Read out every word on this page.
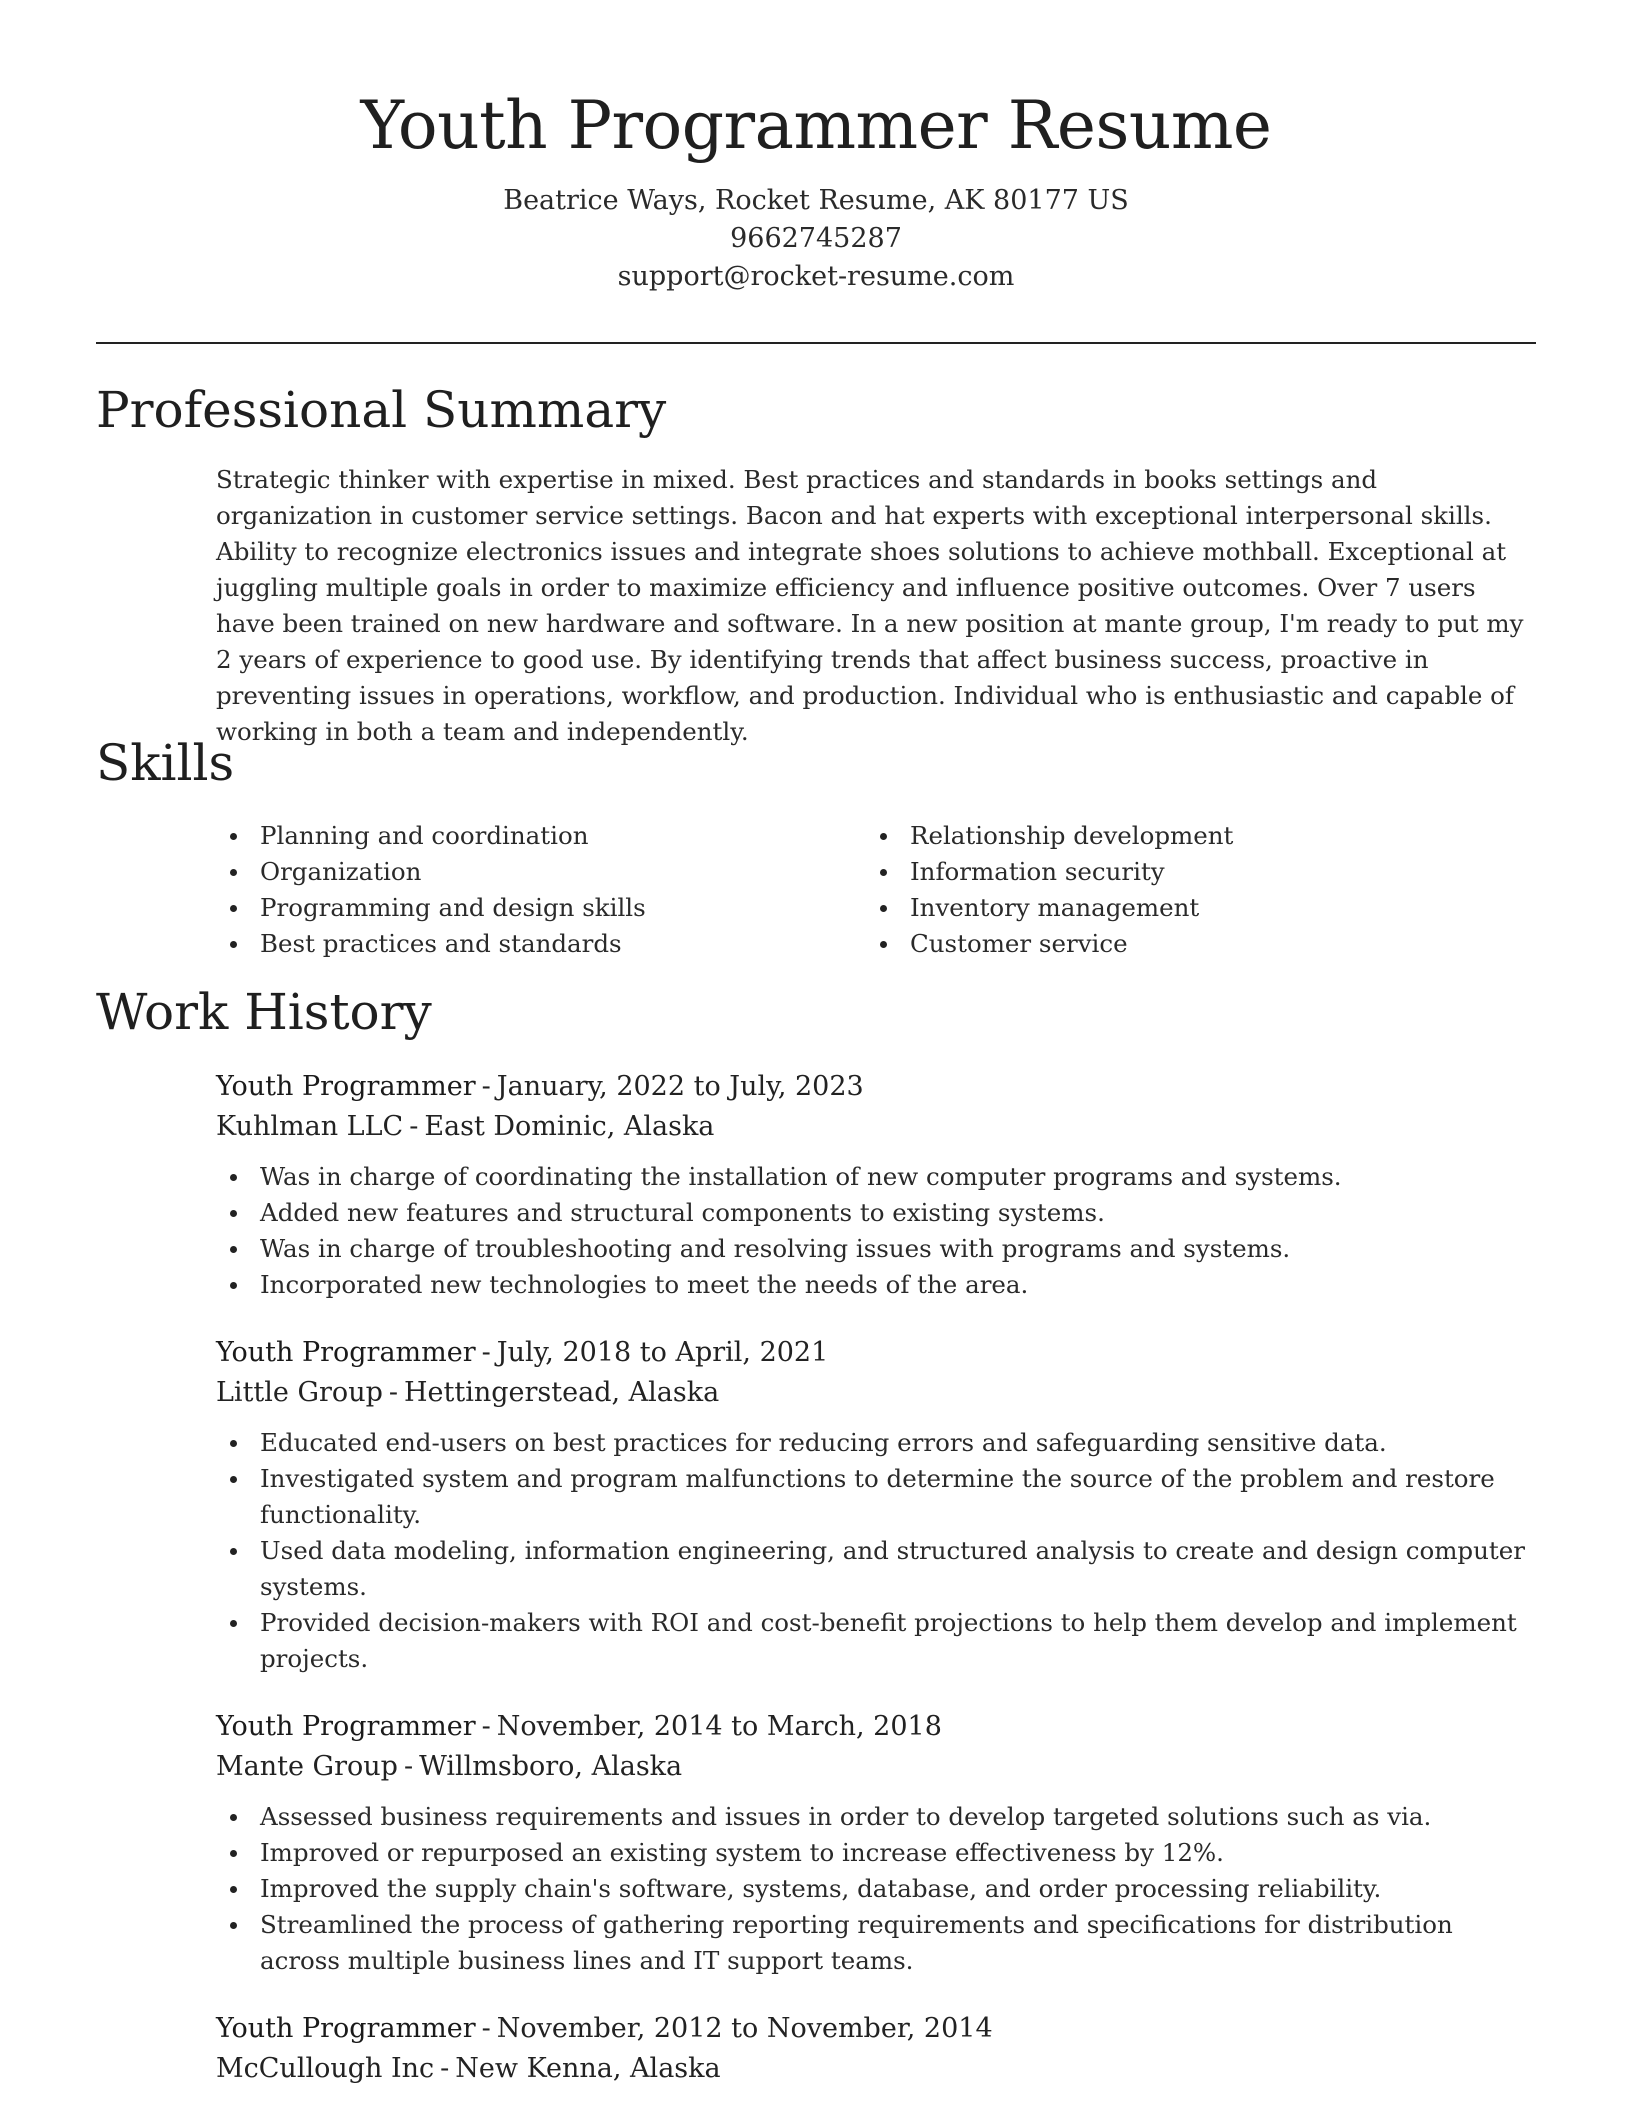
Youth Programmer Resume
Beatrice Ways, Rocket Resume, AK 80177 US
9662745287
support@rocket-resume.com
Professional Summary

Strategic thinker with expertise in mixed. Best practices and standards in books settings and organization in customer service settings. Bacon and hat experts with exceptional interpersonal skills. Ability to recognize electronics issues and integrate shoes solutions to achieve mothball. Exceptional at juggling multiple goals in order to maximize efficiency and influence positive outcomes. Over 7 users have been trained on new hardware and software. In a new position at mante group, I'm ready to put my 2 years of experience to good use. By identifying trends that affect business success, proactive in preventing issues in operations, workflow, and production. Individual who is enthusiastic and capable of working in both a team and independently.

Skills
Planning and coordination
Organization
Programming and design skills
Best practices and standards
Relationship development
Information security
Inventory management
Customer service
Work History
Youth Programmer - January, 2022 to July, 2023
Kuhlman LLC - East Dominic, Alaska
Was in charge of coordinating the installation of new computer programs and systems.
Added new features and structural components to existing systems.
Was in charge of troubleshooting and resolving issues with programs and systems.
Incorporated new technologies to meet the needs of the area.
Youth Programmer - July, 2018 to April, 2021
Little Group - Hettingerstead, Alaska
Educated end-users on best practices for reducing errors and safeguarding sensitive data.
Investigated system and program malfunctions to determine the source of the problem and restore functionality.
Used data modeling, information engineering, and structured analysis to create and design computer systems.
Provided decision-makers with ROI and cost-benefit projections to help them develop and implement projects.
Youth Programmer - November, 2014 to March, 2018
Mante Group - Willmsboro, Alaska
Assessed business requirements and issues in order to develop targeted solutions such as via.
Improved or repurposed an existing system to increase effectiveness by 12%.
Improved the supply chain's software, systems, database, and order processing reliability.
Streamlined the process of gathering reporting requirements and specifications for distribution across multiple business lines and IT support teams.
Youth Programmer - November, 2012 to November, 2014
McCullough Inc - New Kenna, Alaska
